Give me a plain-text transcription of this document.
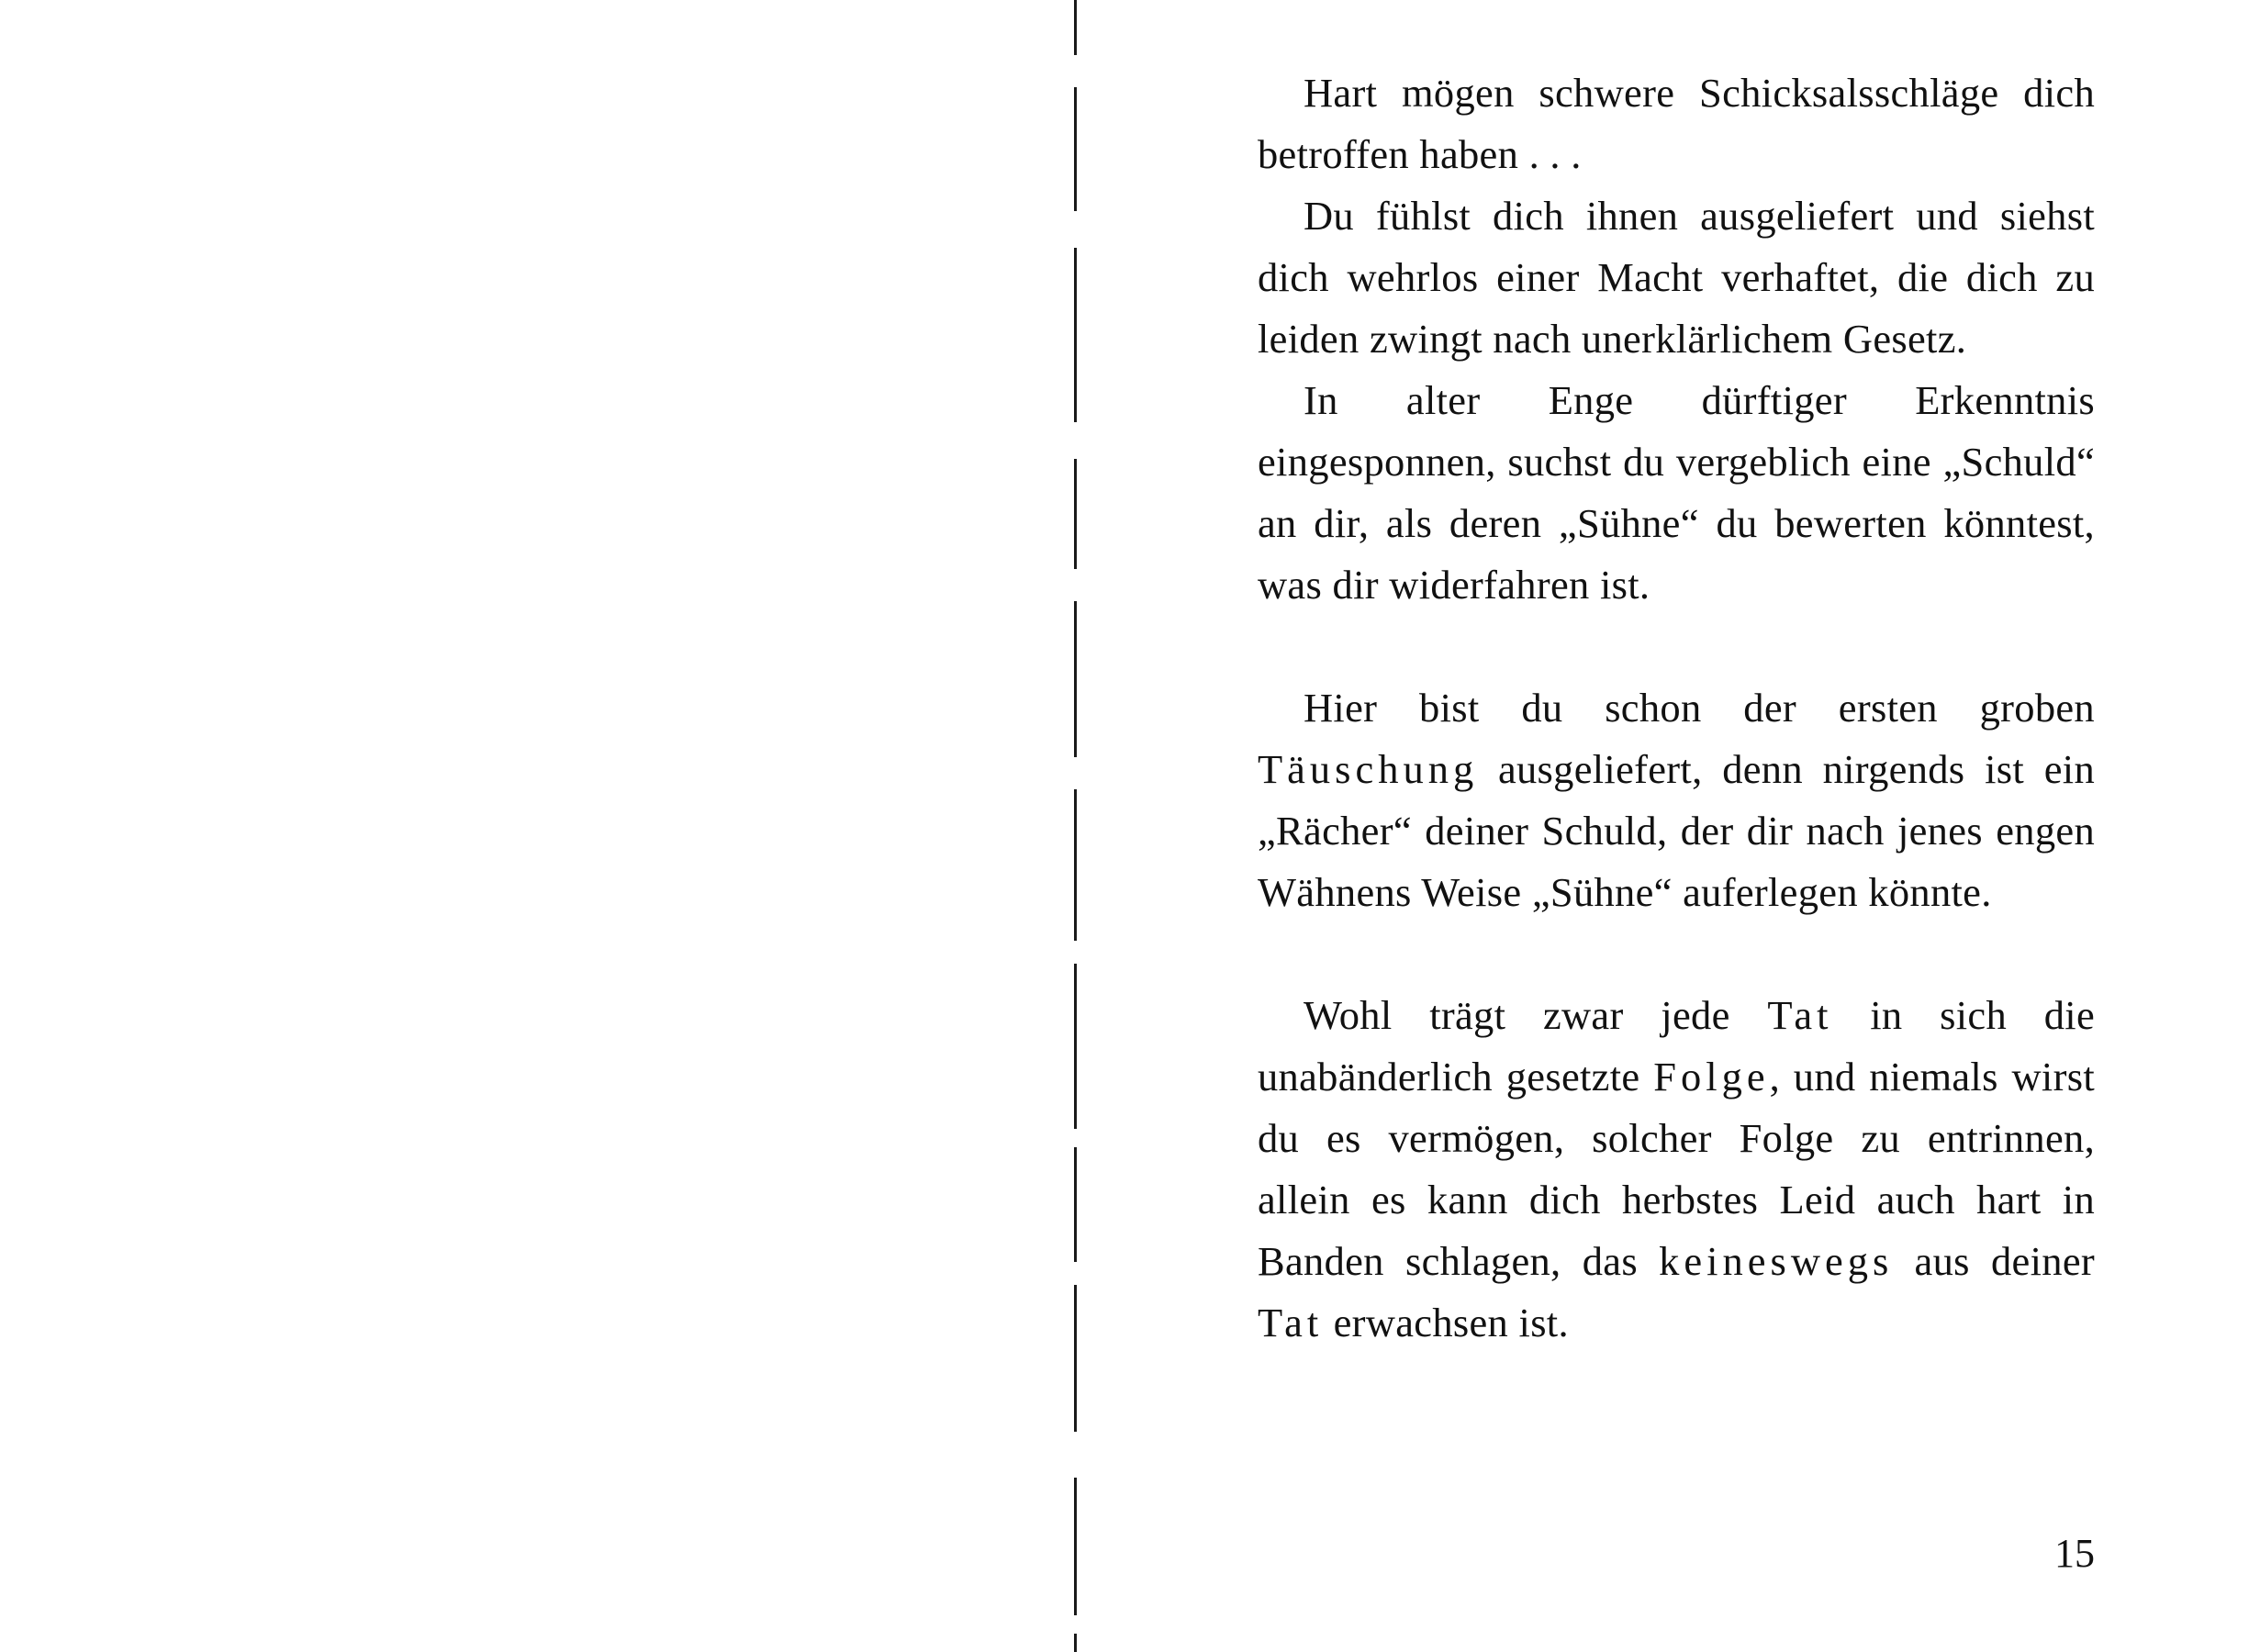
Hart mögen schwere Schicksalsschläge dich betroffen haben . . .

Du fühlst dich ihnen ausgeliefert und siehst dich wehrlos einer Macht verhaftet, die dich zu leiden zwingt nach unerklärlichem Gesetz.

In alter Enge dürftiger Erkenntnis eingesponnen, suchst du vergeblich eine „Schuld“ an dir, als deren „Sühne“ du bewerten könntest, was dir widerfahren ist.

Hier bist du schon der ersten groben Täuschung ausgeliefert, denn nirgends ist ein „Rächer“ deiner Schuld, der dir nach jenes engen Wähnens Weise „Sühne“ auferlegen könnte.

Wohl trägt zwar jede Tat in sich die unabänderlich gesetzte Folge, und niemals wirst du es vermögen, solcher Folge zu entrinnen, allein es kann dich herbstes Leid auch hart in Banden schlagen, das keineswegs aus deiner Tat erwachsen ist.

15
